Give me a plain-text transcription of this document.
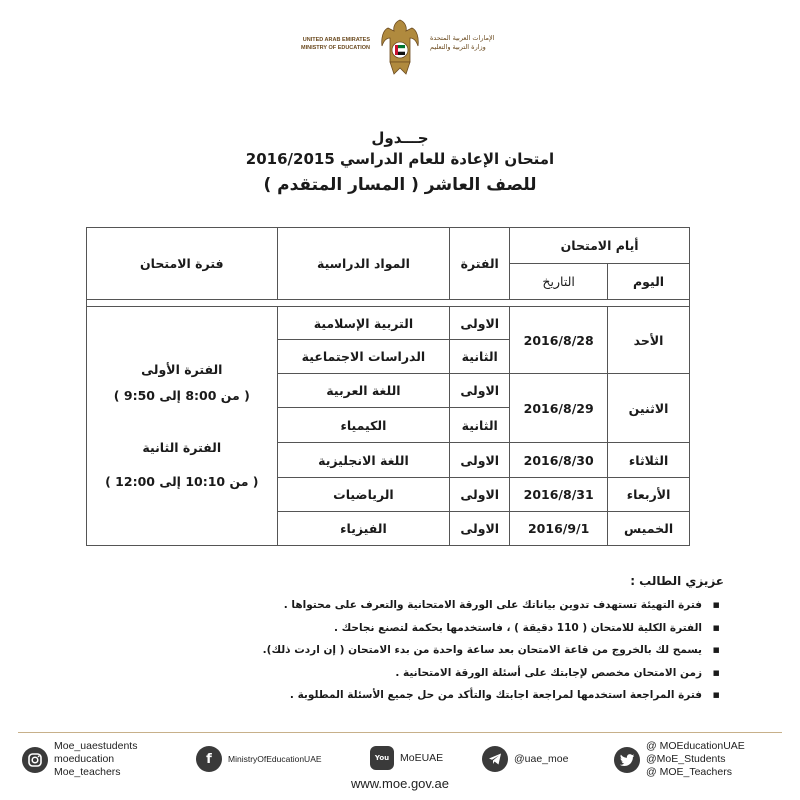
UNITED ARAB EMIRATES
MINISTRY OF EDUCATION
الإمارات العربية المتحدة
وزارة التربية والتعليم
جـــدول
امتحان الإعادة للعام الدراسي 2016/2015
للصف العاشر ( المسار المتقدم )
أيام الامتحان		الفترة	المواد الدراسية	فترة الامتحان
اليوم	التاريخ			

الأحد	2016/8/28	الاولى	التربية الإسلامية	الفترة الأولى
( من 8:00 إلى 9:50 )
الفترة الثانية
( من 10:10 إلى 12:00 )

		الثانية	الدراسات الاجتماعية	
الاثنين	2016/8/29	الاولى	اللغة العربية	
		الثانية	الكيمياء	
الثلاثاء	2016/8/30	الاولى	اللغة الانجليزية	
الأربعاء	2016/8/31	الاولى	الرياضيات	
الخميس	2016/9/1	الاولى	الفيزياء	
عزيزي الطالب :
▪ فترة التهيئة تستهدف تدوين بياناتك على الورقة الامتحانية والتعرف على محتواها .
▪ الفترة الكلية للامتحان ( 110 دقيقة ) ، فاستخدمها بحكمة لتصنع نجاحك .
▪ يسمح لك بالخروج من قاعة الامتحان بعد ساعة واحدة من بدء الامتحان ( إن اردت ذلك).
▪ زمن الامتحان مخصص لإجابتك على أسئلة الورقة الامتحانية .
▪ فترة المراجعة استخدمها لمراجعة اجابتك والتأكد من حل جميع الأسئلة المطلوبة .
Moe_uaestudents
moeducation
Moe_teachers
f	MinistryOfEducationUAE	You	MoEUAE	@uae_moe
@ MOEducationUAE
@MoE_Students
@ MOE_Teachers
www.moe.gov.ae
